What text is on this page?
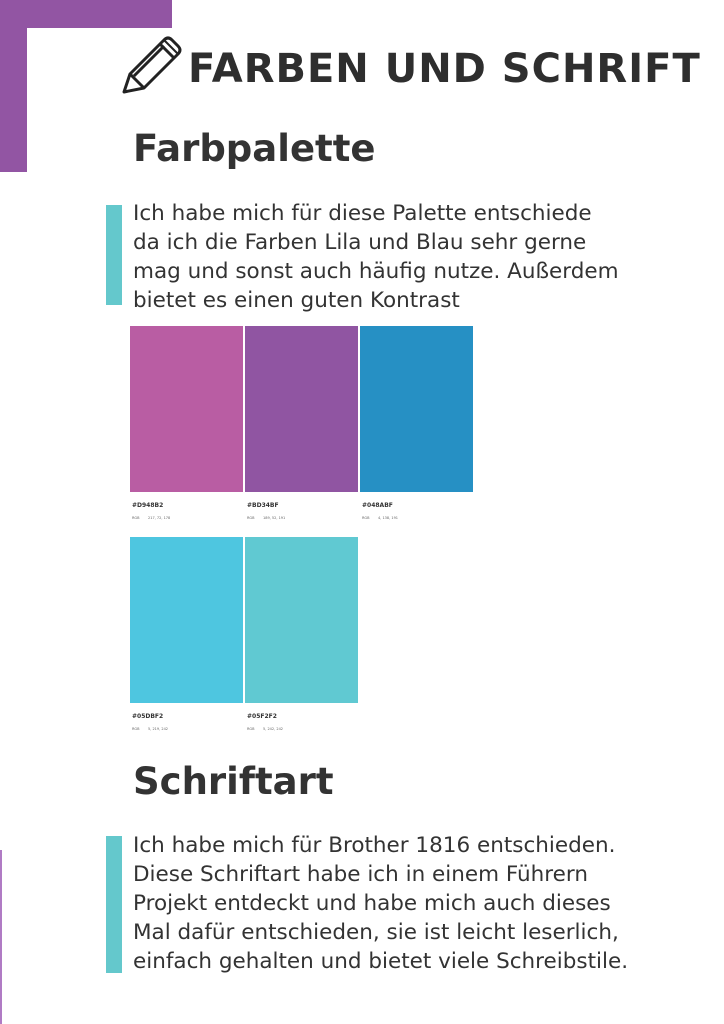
FARBEN UND SCHRIFT
Farbpalette
Ich habe mich für diese Palette entschiede
da ich die Farben Lila und Blau sehr gerne
mag und sonst auch häufig nutze. Außerdem
bietet es einen guten Kontrast
#D948B2
RGB 217, 72, 178
#BD34BF
RGB 189, 52, 191
#048ABF
RGB 4, 138, 191
#05DBF2
RGB 5, 219, 242
#05F2F2
RGB 5, 242, 242
Schriftart
Ich habe mich für Brother 1816 entschieden.
Diese Schriftart habe ich in einem Führern
Projekt entdeckt und habe mich auch dieses
Mal dafür entschieden, sie ist leicht leserlich,
einfach gehalten und bietet viele Schreibstile.
